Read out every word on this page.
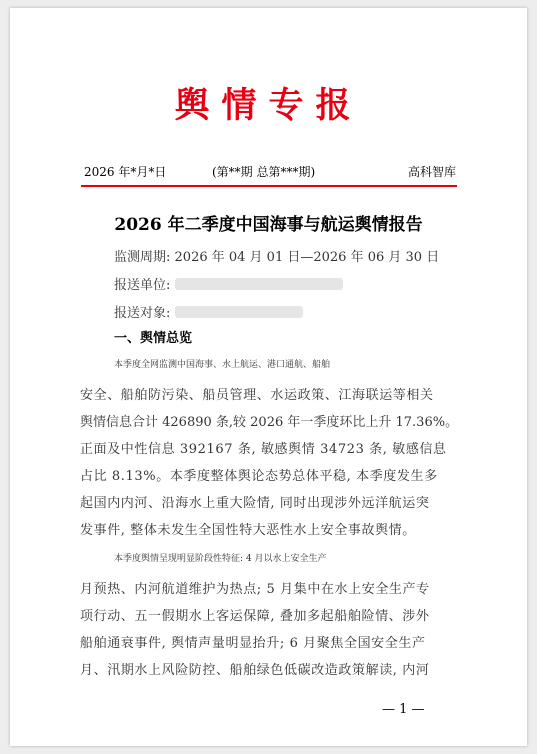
舆情专报
2026 年*月*日	(第**期 总第***期)	高科智库
2026 年二季度中国海事与航运舆情报告
监测周期: 2026 年 04 月 01 日—2026 年 06 月 30 日
报送单位:
报送对象:
一、舆情总览
本季度全网监测中国海事、水上航运、港口通航、船舶
安全、船舶防污染、船员管理、水运政策、江海联运等相关
舆情信息合计 426890 条,较 2026 年一季度环比上升 17.36%。
正面及中性信息 392167 条, 敏感舆情 34723 条, 敏感信息
占比 8.13%。本季度整体舆论态势总体平稳, 本季度发生多
起国内内河、沿海水上重大险情, 同时出现涉外远洋航运突
发事件, 整体未发生全国性特大恶性水上安全事故舆情。
本季度舆情呈现明显阶段性特征: 4 月以水上安全生产
月预热、内河航道维护为热点; 5 月集中在水上安全生产专
项行动、五一假期水上客运保障, 叠加多起船舶险情、涉外
船舶通衰事件, 舆情声量明显抬升; 6 月聚焦全国安全生产
月、汛期水上风险防控、船舶绿色低碳改造政策解读, 内河
— 1 —
